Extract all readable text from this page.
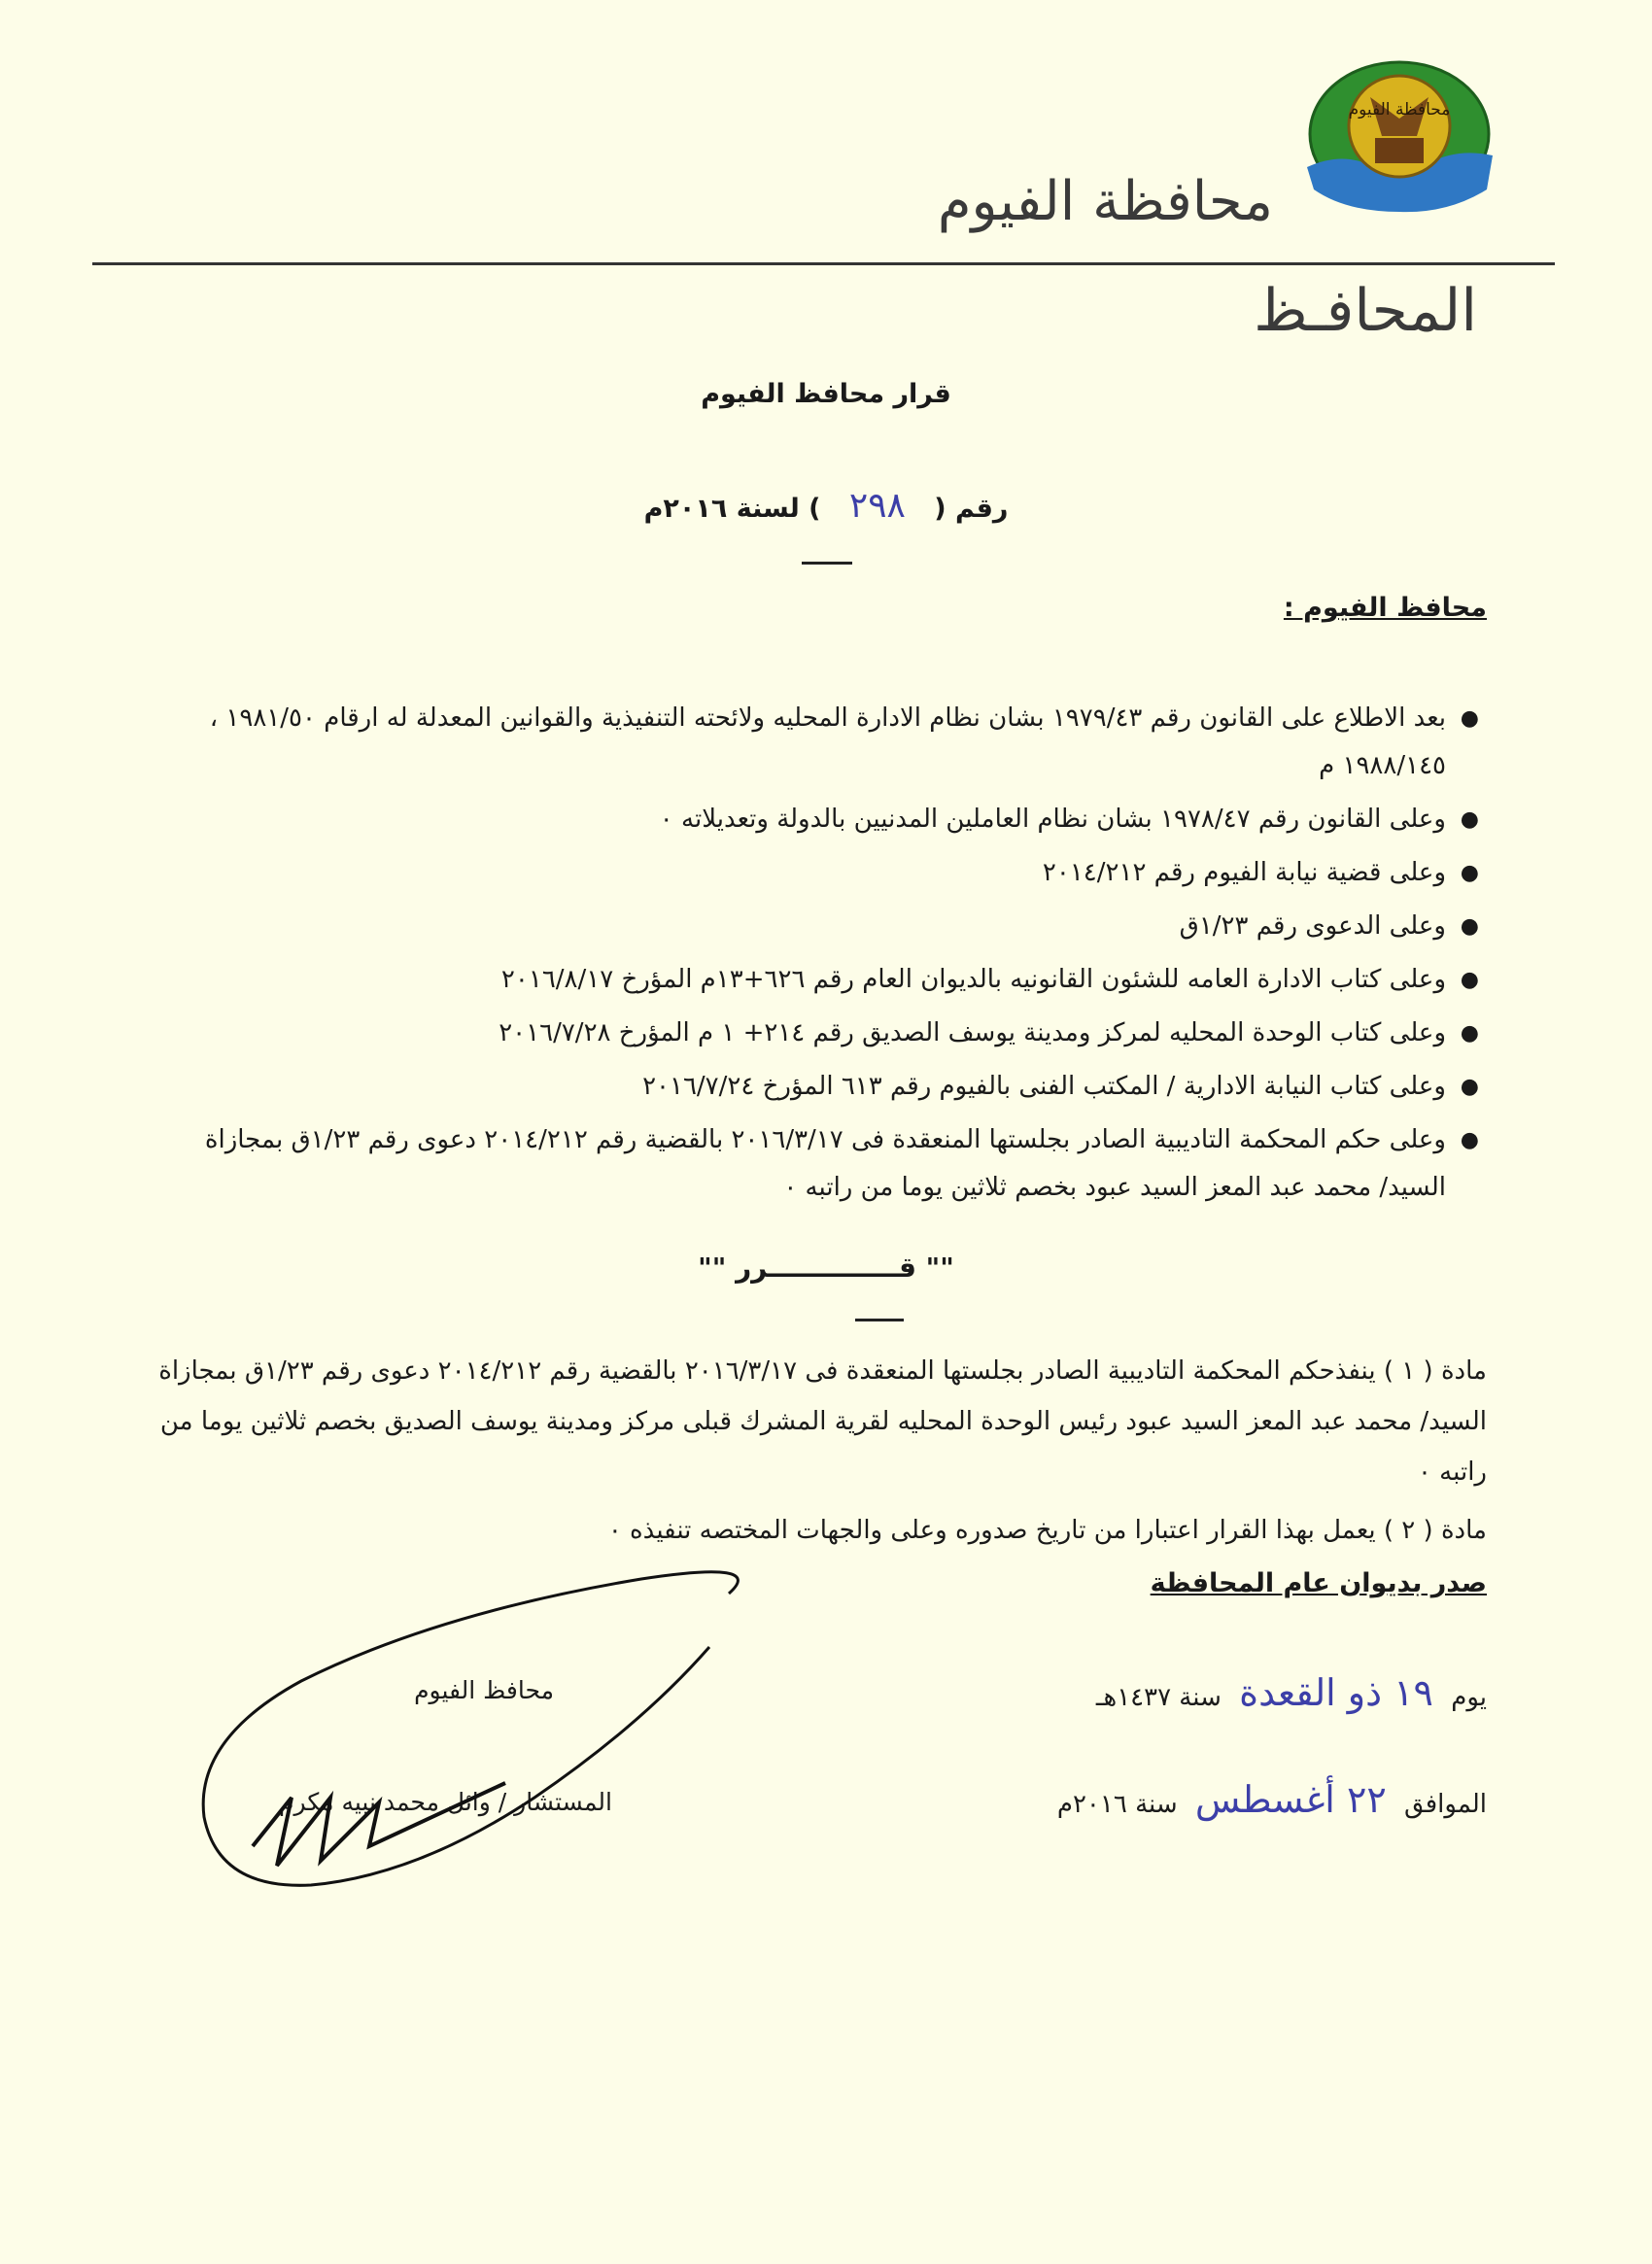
محافظة الفيوم
محافظة الفيوم
المحافـظ
قرار محافظ الفيوم
رقم ( ٢٩٨ ) لسنة ٢٠١٦م
محافظ الفيوم :
●
بعد الاطلاع على القانون رقم ١٩٧٩/٤٣ بشان نظام الادارة المحليه ولائحته التنفيذية والقوانين المعدلة له ارقام ١٩٨١/٥٠ ، ١٩٨٨/١٤٥ م
●
وعلى القانون رقم ١٩٧٨/٤٧ بشان نظام العاملين المدنيين بالدولة وتعديلاته ٠
●
وعلى قضية نيابة الفيوم رقم ٢٠١٤/٢١٢
●
وعلى الدعوى رقم ١/٢٣ق
●
وعلى كتاب الادارة العامه للشئون القانونيه بالديوان العام رقم ٦٢٦+١٣م المؤرخ ٢٠١٦/٨/١٧
●
وعلى كتاب الوحدة المحليه لمركز ومدينة يوسف الصديق رقم ٢١٤+ ١ م المؤرخ ٢٠١٦/٧/٢٨
●
وعلى كتاب النيابة الادارية / المكتب الفنى بالفيوم رقم ٦١٣ المؤرخ ٢٠١٦/٧/٢٤
●
وعلى حكم المحكمة التاديبية الصادر بجلستها المنعقدة فى ٢٠١٦/٣/١٧ بالقضية رقم ٢٠١٤/٢١٢ دعوى رقم ١/٢٣ق بمجازاة السيد/ محمد عبد المعز السيد عبود بخصم ثلاثين يوما من راتبه ٠
"" قــــــــــــــرر ""

مادة ( ١ ) ينفذحكم المحكمة التاديبية الصادر بجلستها المنعقدة فى ٢٠١٦/٣/١٧ بالقضية رقم ٢٠١٤/٢١٢ دعوى رقم ١/٢٣ق بمجازاة السيد/ محمد عبد المعز السيد عبود رئيس الوحدة المحليه لقرية المشرك قبلى مركز ومدينة يوسف الصديق بخصم ثلاثين يوما من راتبه ٠

مادة ( ٢ ) يعمل بهذا القرار اعتبارا من تاريخ صدوره وعلى والجهات المختصه تنفيذه ٠

صدر بديوان عام المحافظة
يوم ١٩ ذو القعدة سنة ١٤٣٧هـ
الموافق ٢٢ أغسطس سنة ٢٠١٦م
محافظ الفيوم
المستشار / وائل محمد نبيه مكرم
